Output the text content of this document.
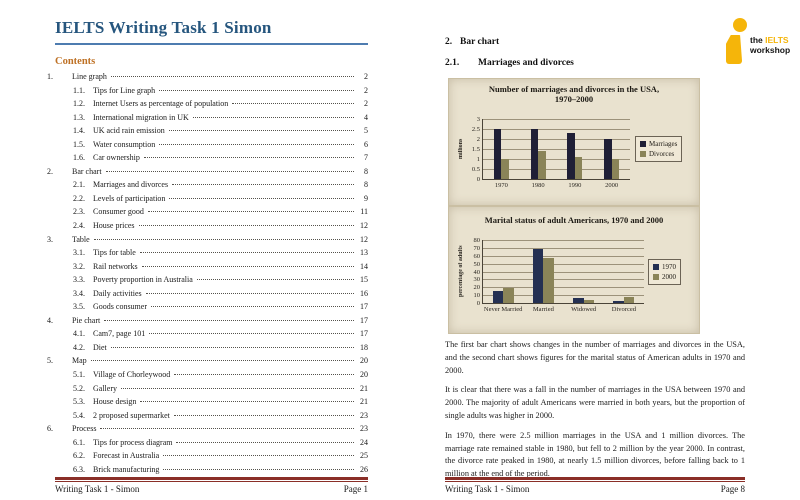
IELTS Writing Task 1 Simon
Contents
1.	Line graph	2
1.1.	Tips for Line graph	2
1.2.	Internet Users as percentage of population	2
1.3.	International migration in UK	4
1.4.	UK acid rain emission	5
1.5.	Water consumption	6
1.6.	Car ownership	7
2.	Bar chart	8
2.1.	Marriages and divorces	8
2.2.	Levels of participation	9
2.3.	Consumer good	11
2.4.	House prices	12
3.	Table	12
3.1.	Tips for table	13
3.2.	Rail networks	14
3.3.	Poverty proportion in Australia	15
3.4.	Daily activities	16
3.5.	Goods consumer	17
4.	Pie chart	17
4.1.	Cam7, page 101	17
4.2.	Diet	18
5.	Map	20
5.1.	Village of Chorleywood	20
5.2.	Gallery	21
5.3.	House design	21
5.4.	2 proposed supermarket	23
6.	Process	23
6.1.	Tips for process diagram	24
6.2.	Forecast in Australia	25
6.3.	Brick manufacturing	26
Writing Task 1 - Simon	Page 1
the IELTS
workshop
2. Bar chart
2.1.	Marriages and divorces
Number of marriages and divorces in the USA,
1970–2000
millions
3
2.5
2
1.5
1
0.5
0
1970	1980	1990	2000
Marriages
Divorces
Marital status of adult Americans, 1970 and 2000
percentage of adults
80
70
60
50
40
30
20
10
0
Never Married	Married	Widowed	Divorced
1970
2000

The first bar chart shows changes in the number of marriages and divorces in the USA, and the second chart shows figures for the marital status of American adults in 1970 and 2000.

It is clear that there was a fall in the number of marriages in the USA between 1970 and 2000. The majority of adult Americans were married in both years, but the proportion of single adults was higher in 2000.

In 1970, there were 2.5 million marriages in the USA and 1 million divorces. The marriage rate remained stable in 1980, but fell to 2 million by the year 2000. In contrast, the divorce rate peaked in 1980, at nearly 1.5 million divorces, before falling back to 1 million at the end of the period.

Writing Task 1 - Simon	Page 8
